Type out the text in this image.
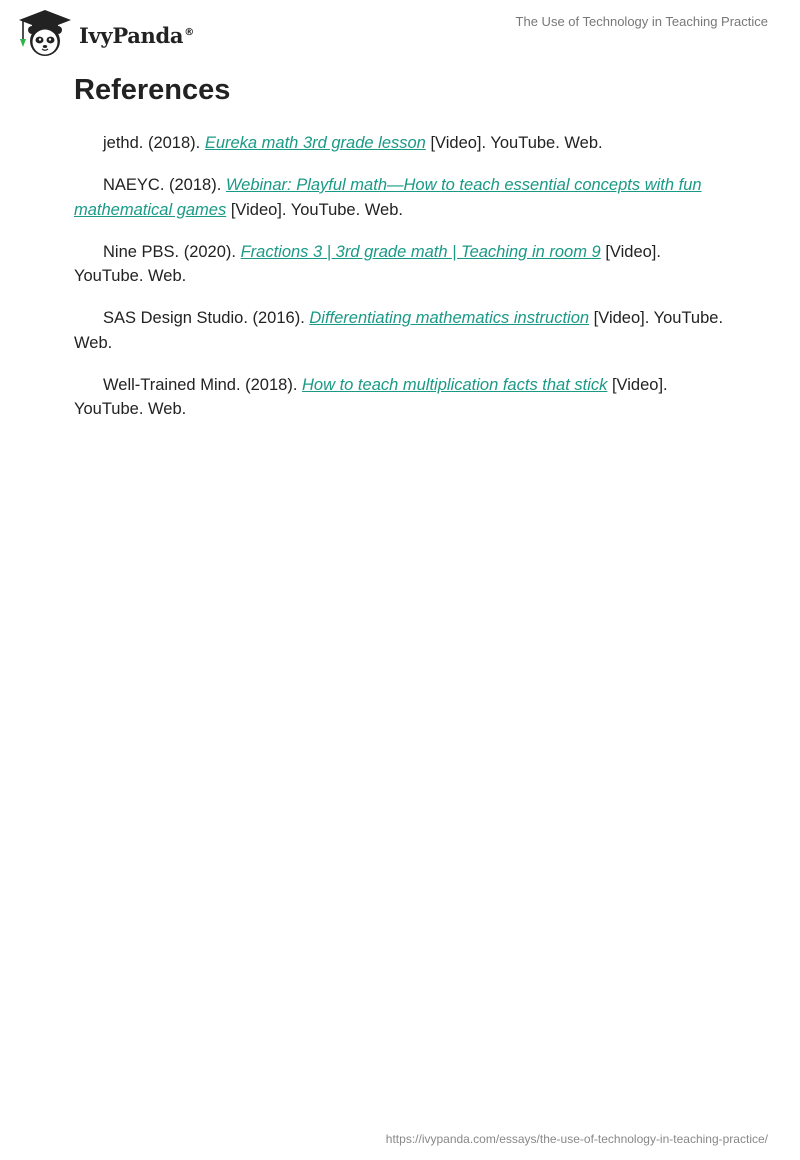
IvyPanda®
The Use of Technology in Teaching Practice
References
jethd. (2018). Eureka math 3rd grade lesson [Video]. YouTube. Web.
NAEYC. (2018). Webinar: Playful math—How to teach essential concepts with fun mathematical games [Video]. YouTube. Web.
Nine PBS. (2020). Fractions 3 | 3rd grade math | Teaching in room 9 [Video]. YouTube. Web.
SAS Design Studio. (2016). Differentiating mathematics instruction [Video]. YouTube. Web.
Well-Trained Mind. (2018). How to teach multiplication facts that stick [Video]. YouTube. Web.
https://ivypanda.com/essays/the-use-of-technology-in-teaching-practice/
